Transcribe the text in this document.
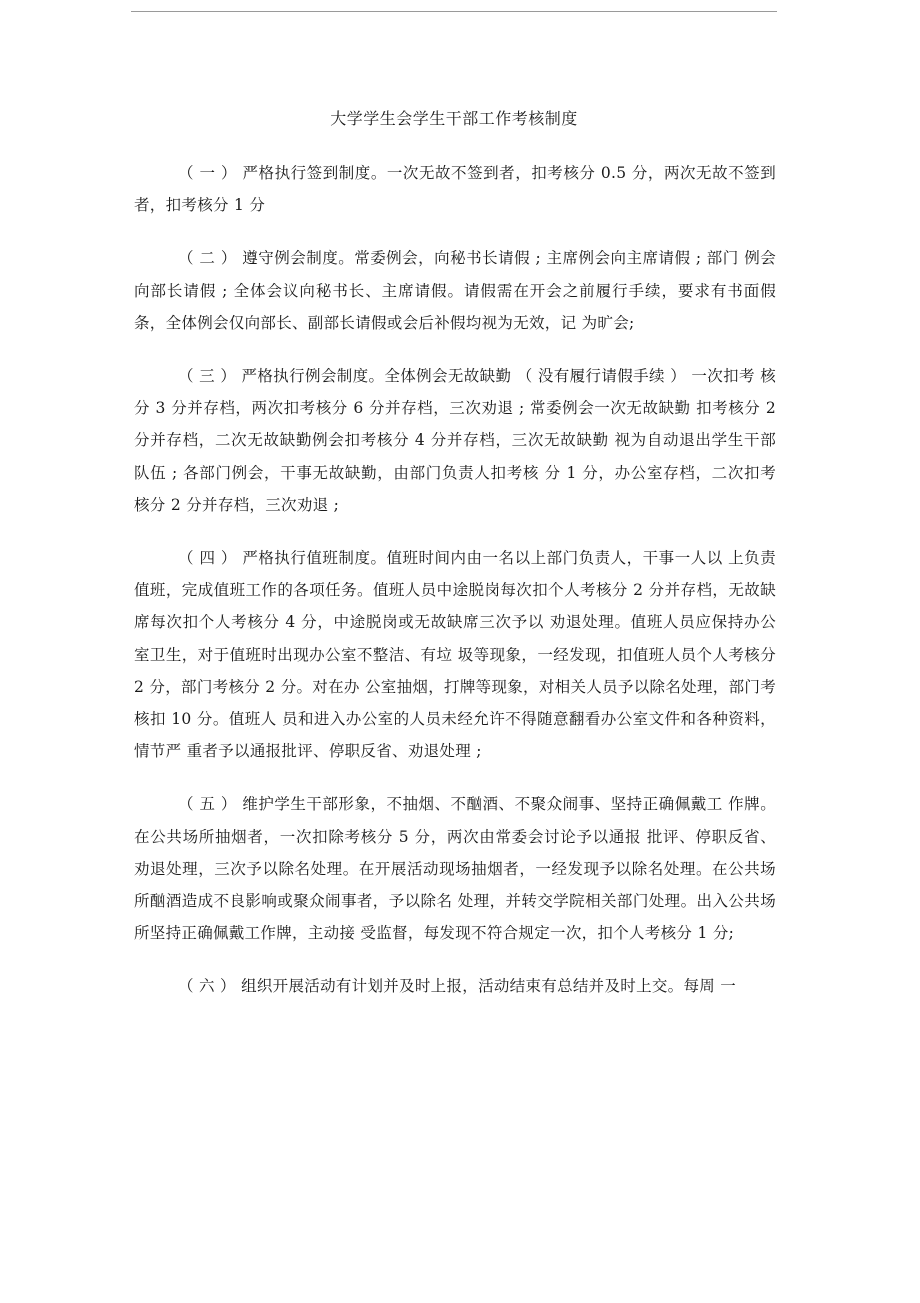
大学学生会学生干部工作考核制度

（ 一 ） 严格执行签到制度。一次无故不签到者，扣考核分 0.5 分，两次无故不签到者，扣考核分 1 分

（ 二 ） 遵守例会制度。常委例会，向秘书长请假 ; 主席例会向主席请假 ; 部门 例会向部长请假 ; 全体会议向秘书长、主席请假。请假需在开会之前履行手续，要求有书面假条，全体例会仅向部长、副部长请假或会后补假均视为无效，记 为旷会;

（ 三 ） 严格执行例会制度。全体例会无故缺勤 （ 没有履行请假手续 ） 一次扣考 核分 3 分并存档，两次扣考核分 6 分并存档，三次劝退 ; 常委例会一次无故缺勤 扣考核分 2 分并存档，二次无故缺勤例会扣考核分 4 分并存档，三次无故缺勤 视为自动退出学生干部队伍 ; 各部门例会，干事无故缺勤，由部门负责人扣考核 分 1 分，办公室存档，二次扣考核分 2 分并存档，三次劝退 ;

（ 四 ） 严格执行值班制度。值班时间内由一名以上部门负责人，干事一人以 上负责值班，完成值班工作的各项任务。值班人员中途脱岗每次扣个人考核分 2 分并存档，无故缺席每次扣个人考核分 4 分，中途脱岗或无故缺席三次予以 劝退处理。值班人员应保持办公室卫生，对于值班时出现办公室不整洁、有垃 圾等现象，一经发现，扣值班人员个人考核分 2 分，部门考核分 2 分。对在办 公室抽烟，打牌等现象，对相关人员予以除名处理，部门考核扣 10 分。值班人 员和进入办公室的人员未经允许不得随意翻看办公室文件和各种资料，情节严 重者予以通报批评、停职反省、劝退处理 ;

（ 五 ） 维护学生干部形象，不抽烟、不酗酒、不聚众闹事、坚持正确佩戴工 作牌。在公共场所抽烟者，一次扣除考核分 5 分，两次由常委会讨论予以通报 批评、停职反省、劝退处理，三次予以除名处理。在开展活动现场抽烟者，一经发现予以除名处理。在公共场所酗酒造成不良影响或聚众闹事者，予以除名 处理，并转交学院相关部门处理。出入公共场所坚持正确佩戴工作牌，主动接 受监督，每发现不符合规定一次，扣个人考核分 1 分;

（ 六 ） 组织开展活动有计划并及时上报，活动结束有总结并及时上交。每周 一
